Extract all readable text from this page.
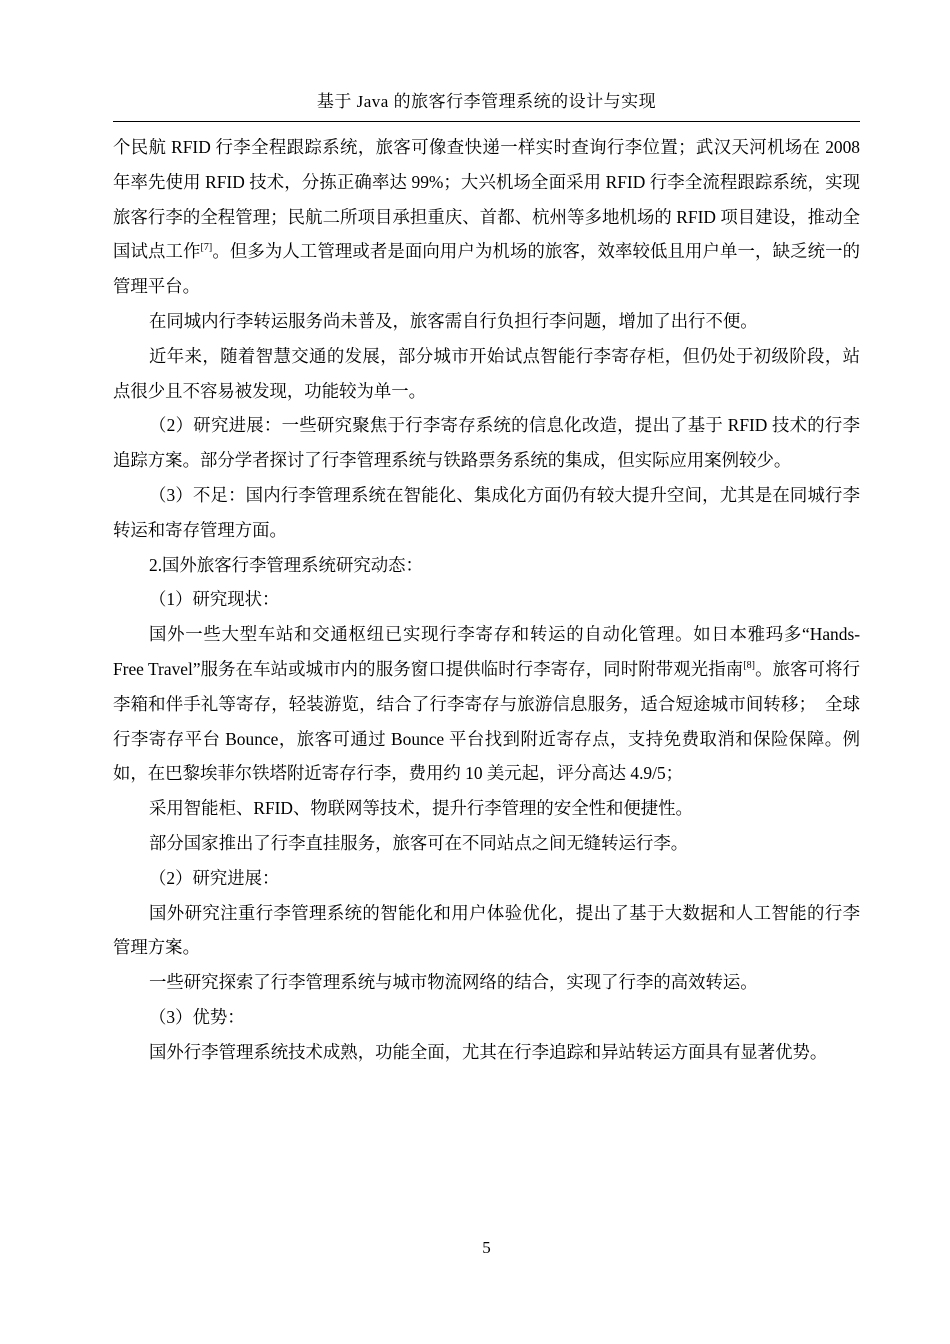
基于 Java 的旅客行李管理系统的设计与实现

个民航 RFID 行李全程跟踪系统，旅客可像查快递一样实时查询行李位置；武汉天河机场在 2008 年率先使用 RFID 技术，分拣正确率达 99%；大兴机场全面采用 RFID 行李全流程跟踪系统，实现旅客行李的全程管理；民航二所项目承担重庆、首都、杭州等多地机场的 RFID 项目建设，推动全国试点工作[7]。但多为人工管理或者是面向用户为机场的旅客，效率较低且用户单一，缺乏统一的管理平台。

在同城内行李转运服务尚未普及，旅客需自行负担行李问题，增加了出行不便。

近年来，随着智慧交通的发展，部分城市开始试点智能行李寄存柜，但仍处于初级阶段，站点很少且不容易被发现，功能较为单一。

（2）研究进展：一些研究聚焦于行李寄存系统的信息化改造，提出了基于 RFID 技术的行李追踪方案。部分学者探讨了行李管理系统与铁路票务系统的集成，但实际应用案例较少。

（3）不足：国内行李管理系统在智能化、集成化方面仍有较大提升空间，尤其是在同城行李转运和寄存管理方面。

2.国外旅客行李管理系统研究动态：

（1）研究现状：

国外一些大型车站和交通枢纽已实现行李寄存和转运的自动化管理。如日本雅玛多“Hands-Free Travel”服务在车站或城市内的服务窗口提供临时行李寄存，同时附带观光指南[8]。旅客可将行李箱和伴手礼等寄存，轻装游览，结合了行李寄存与旅游信息服务，适合短途城市间转移；　全球行李寄存平台 Bounce，旅客可通过 Bounce 平台找到附近寄存点，支持免费取消和保险保障。例如，在巴黎埃菲尔铁塔附近寄存行李，费用约 10 美元起，评分高达 4.9/5；

采用智能柜、RFID、物联网等技术，提升行李管理的安全性和便捷性。

部分国家推出了行李直挂服务，旅客可在不同站点之间无缝转运行李。

（2）研究进展：

国外研究注重行李管理系统的智能化和用户体验优化，提出了基于大数据和人工智能的行李管理方案。

一些研究探索了行李管理系统与城市物流网络的结合，实现了行李的高效转运。

（3）优势：

国外行李管理系统技术成熟，功能全面，尤其在行李追踪和异站转运方面具有显著优势。

5
